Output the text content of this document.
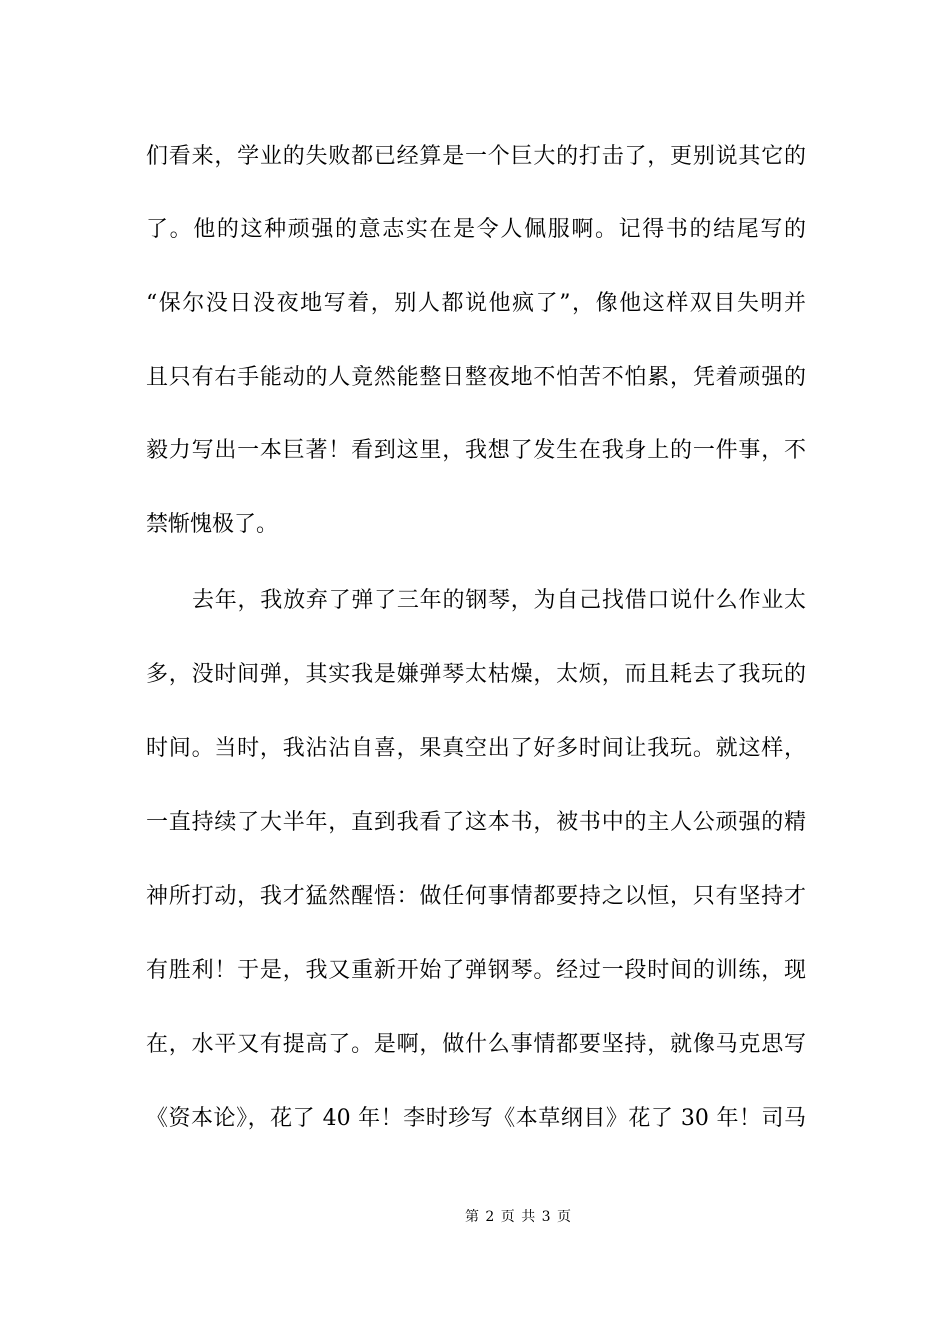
们看来，学业的失败都已经算是一个巨大的打击了，更别说其它的
了。他的这种顽强的意志实在是令人佩服啊。记得书的结尾写的
“保尔没日没夜地写着，别人都说他疯了”，像他这样双目失明并
且只有右手能动的人竟然能整日整夜地不怕苦不怕累，凭着顽强的
毅力写出一本巨著！看到这里，我想了发生在我身上的一件事，不
禁惭愧极了。
去年，我放弃了弹了三年的钢琴，为自己找借口说什么作业太
多，没时间弹，其实我是嫌弹琴太枯燥，太烦，而且耗去了我玩的
时间。当时，我沾沾自喜，果真空出了好多时间让我玩。就这样，
一直持续了大半年，直到我看了这本书，被书中的主人公顽强的精
神所打动，我才猛然醒悟：做任何事情都要持之以恒，只有坚持才
有胜利！于是，我又重新开始了弹钢琴。经过一段时间的训练，现
在，水平又有提高了。是啊，做什么事情都要坚持，就像马克思写
《资本论》，花了 40 年！李时珍写《本草纲目》花了 30 年！司马
第 2 页 共 3 页
